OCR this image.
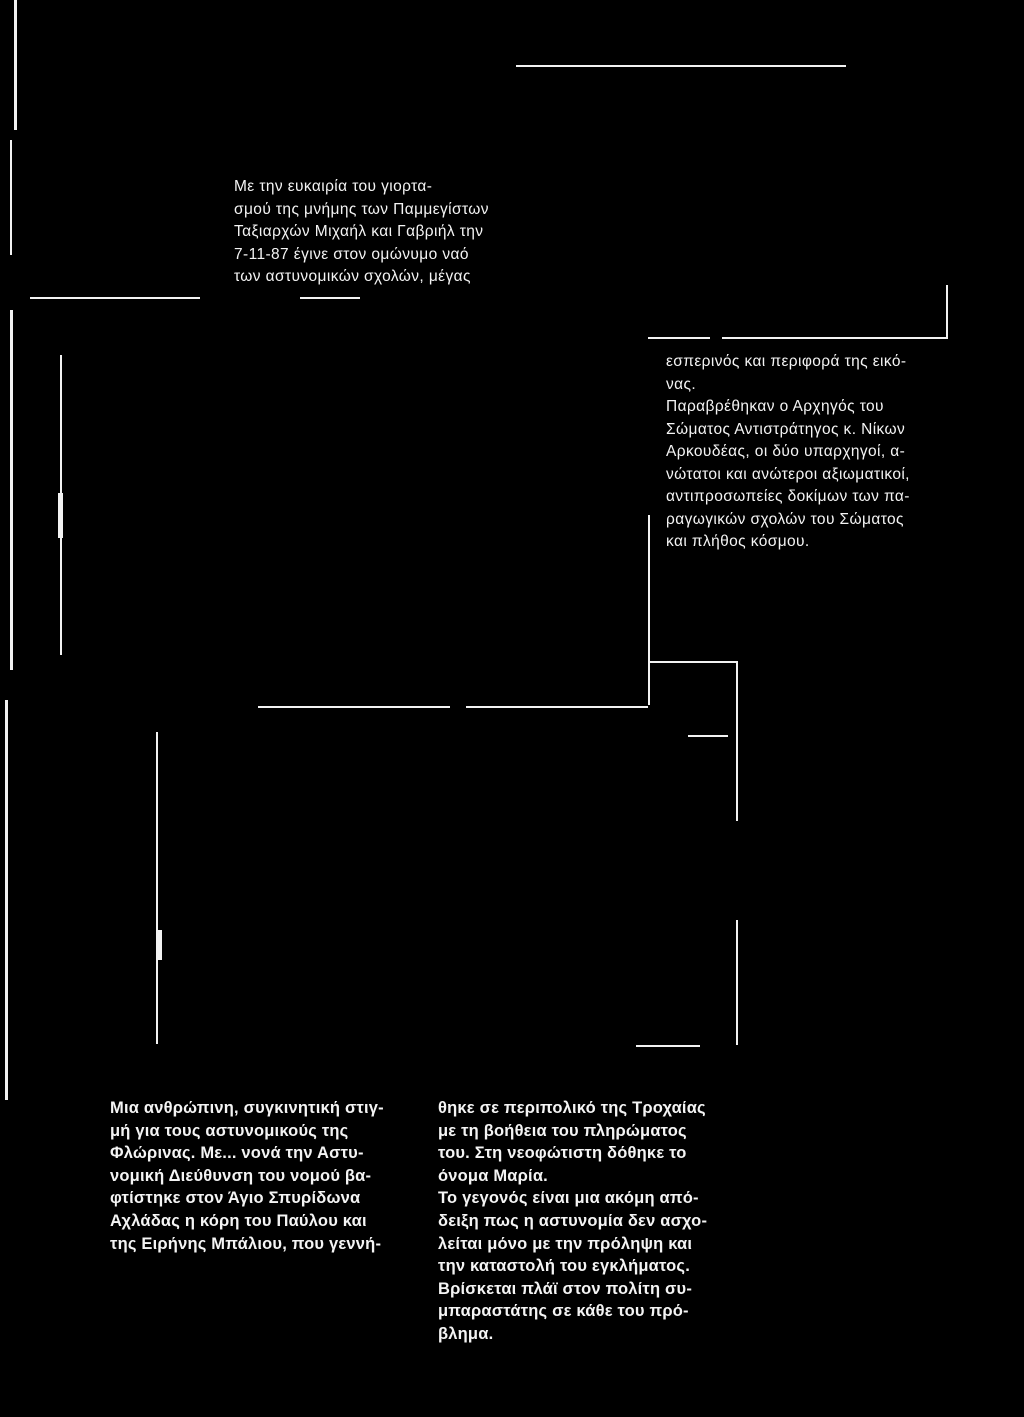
Με την ευκαιρία του γιορτα-

σμού της μνήμης των Παμμεγίστων

Ταξιαρχών Μιχαήλ και Γαβριήλ την

7-11-87 έγινε στον ομώνυμο ναό

των αστυνομικών σχολών, μέγας

εσπερινός και περιφορά της εικό-

νας.

Παραβρέθηκαν ο Αρχηγός του

Σώματος Αντιστράτηγος κ. Νίκων

Αρκουδέας, οι δύο υπαρχηγοί, α-

νώτατοι και ανώτεροι αξιωματικοί,

αντιπροσωπείες δοκίμων των πα-

ραγωγικών σχολών του Σώματος

και πλήθος κόσμου.

Μια ανθρώπινη, συγκινητική στιγ-

μή για τους αστυνομικούς της

Φλώρινας. Με... νονά την Αστυ-

νομική Διεύθυνση του νομού βα-

φτίστηκε στον Άγιο Σπυρίδωνα

Αχλάδας η κόρη του Παύλου και

της Ειρήνης Μπάλιου, που γεννή-

θηκε σε περιπολικό της Τροχαίας

με τη βοήθεια του πληρώματος

του. Στη νεοφώτιστη δόθηκε το

όνομα Μαρία.

Το γεγονός είναι μια ακόμη από-

δειξη πως η αστυνομία δεν ασχο-

λείται μόνο με την πρόληψη και

την καταστολή του εγκλήματος.

Βρίσκεται πλάϊ στον πολίτη συ-

μπαραστάτης σε κάθε του πρό-

βλημα.
